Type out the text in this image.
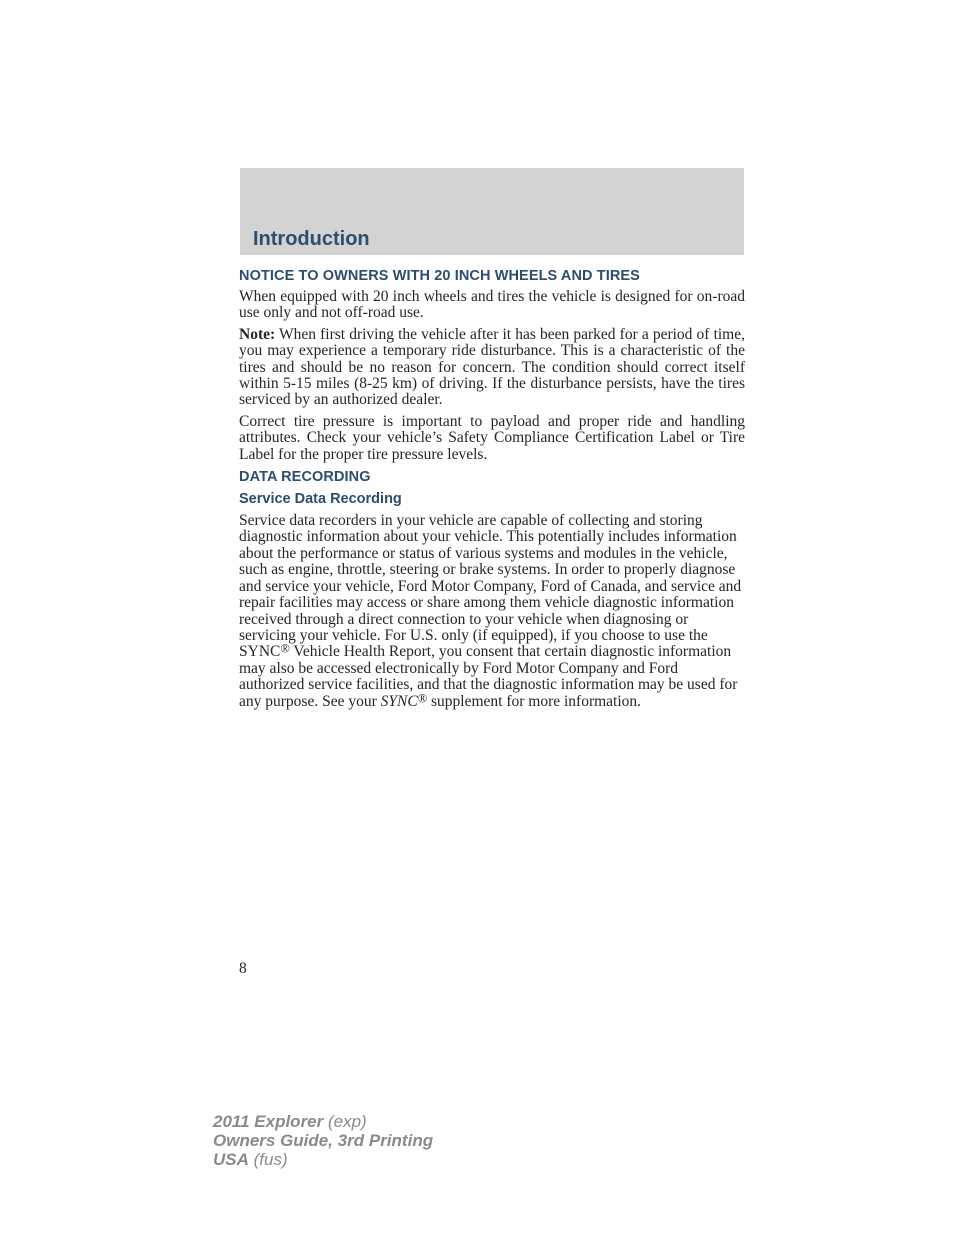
Introduction
NOTICE TO OWNERS WITH 20 INCH WHEELS AND TIRES

When equipped with 20 inch wheels and tires the vehicle is designed for on-road use only and not off-road use.

Note: When first driving the vehicle after it has been parked for a period of time, you may experience a temporary ride disturbance. This is a characteristic of the tires and should be no reason for concern. The condition should correct itself within 5-15 miles (8-25 km) of driving. If the disturbance persists, have the tires serviced by an authorized dealer.

Correct tire pressure is important to payload and proper ride and handling attributes. Check your vehicle’s Safety Compliance Certification Label or Tire Label for the proper tire pressure levels.

DATA RECORDING
Service Data Recording

Service data recorders in your vehicle are capable of collecting and storing diagnostic information about your vehicle. This potentially includes information about the performance or status of various systems and modules in the vehicle, such as engine, throttle, steering or brake systems. In order to properly diagnose and service your vehicle, Ford Motor Company, Ford of Canada, and service and repair facilities may access or share among them vehicle diagnostic information received through a direct connection to your vehicle when diagnosing or servicing your vehicle. For U.S. only (if equipped), if you choose to use the SYNC® Vehicle Health Report, you consent that certain diagnostic information may also be accessed electronically by Ford Motor Company and Ford authorized service facilities, and that the diagnostic information may be used for any purpose. See your SYNC® supplement for more information.

8
2011 Explorer (exp)
Owners Guide, 3rd Printing
USA (fus)
